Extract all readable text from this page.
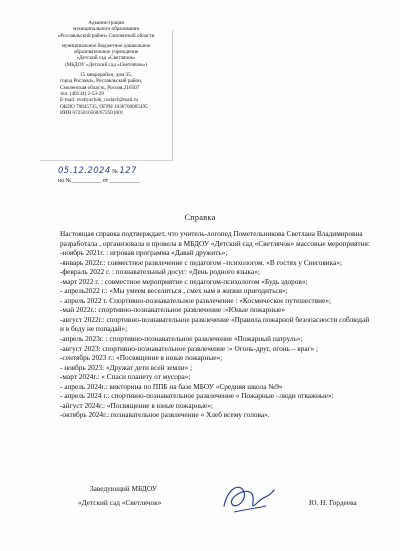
Администрация
муниципального образования
«Рославльский район» Смоленской области
муниципальное бюджетное дошкольное
образовательное учреждение
«Детский сад «Светлячок»
(МБДОУ «Детский сад «Светлячок»)
15 микрорайон, дом 35,
город Рославль, Рославльский район,
Смоленская область, Россия,216507
тел. (48134) 2-53-29
E-mail: svetlyachok_roslavl@mail.ru
ОКПО 70845735, ОГРН 1036700005495
ИНН 6725010568/672501001
05.12.2024 № 127
на №__________ от __________
Справка

Настоящая справка подтверждает, что учитель-логопед Пометельникова Светлана Владимировна разработала , организовала и провела в МБДОУ «Детский сад «Светлячок» массовые мероприятия:

-ноябрь 2021г. : игровая программа «Давай дружить»;

-январь 2022г.: совместное развлечение с педагогом –психологом. «В гостях у Снеговика»;

-февраль 2022 г. : познавательный досуг: «День родного языка»;

-март 2022 г. : совместное мероприятие с педагогом-психологом «Будь здоров»;

- апрель2022 г.: «Мы умеем веселиться , смех нам в жизни пригодиться»;

- апрель 2022 г. Спортивно-познавательное развлечение : «Космическое путешествие»;

-май 2022г.: спортивно-познавательное развлечение :«Юные пожарные»

-август 2022г.: спортивно-познавательное развлечение «Правила пожарной безопасности соблюдай и в беду не попадай»;

-апрель 2023г. : спортивно-познавательное развлечение «Пожарный патруль»;

-август 2023: спортивно-познавательное развлечение :« Огонь-друг, огонь – враг» ;

-сентябрь 2023 г.: «Посвящение в юные пожарные»;

- ноябрь 2023: «Дружат дети всей земли» ;

-март 2024г.: « Спаси планету от мусора»;

- апрель 2024г.: викторина по ППБ на базе МБОУ «Средняя школа №9»

- апрель 2024 г.: спортивно-познавательное развлечение « Пожарные –люди отважные»:

-айгуст 2024г.: «Посвящение в юные пожарные»;

-октябрь 2024г.: познавательное развлечение « Хлеб всему голова».

Заведующий МБДОУ
«Детский сад «Светлячок»	Ю. Н. Гордеева
